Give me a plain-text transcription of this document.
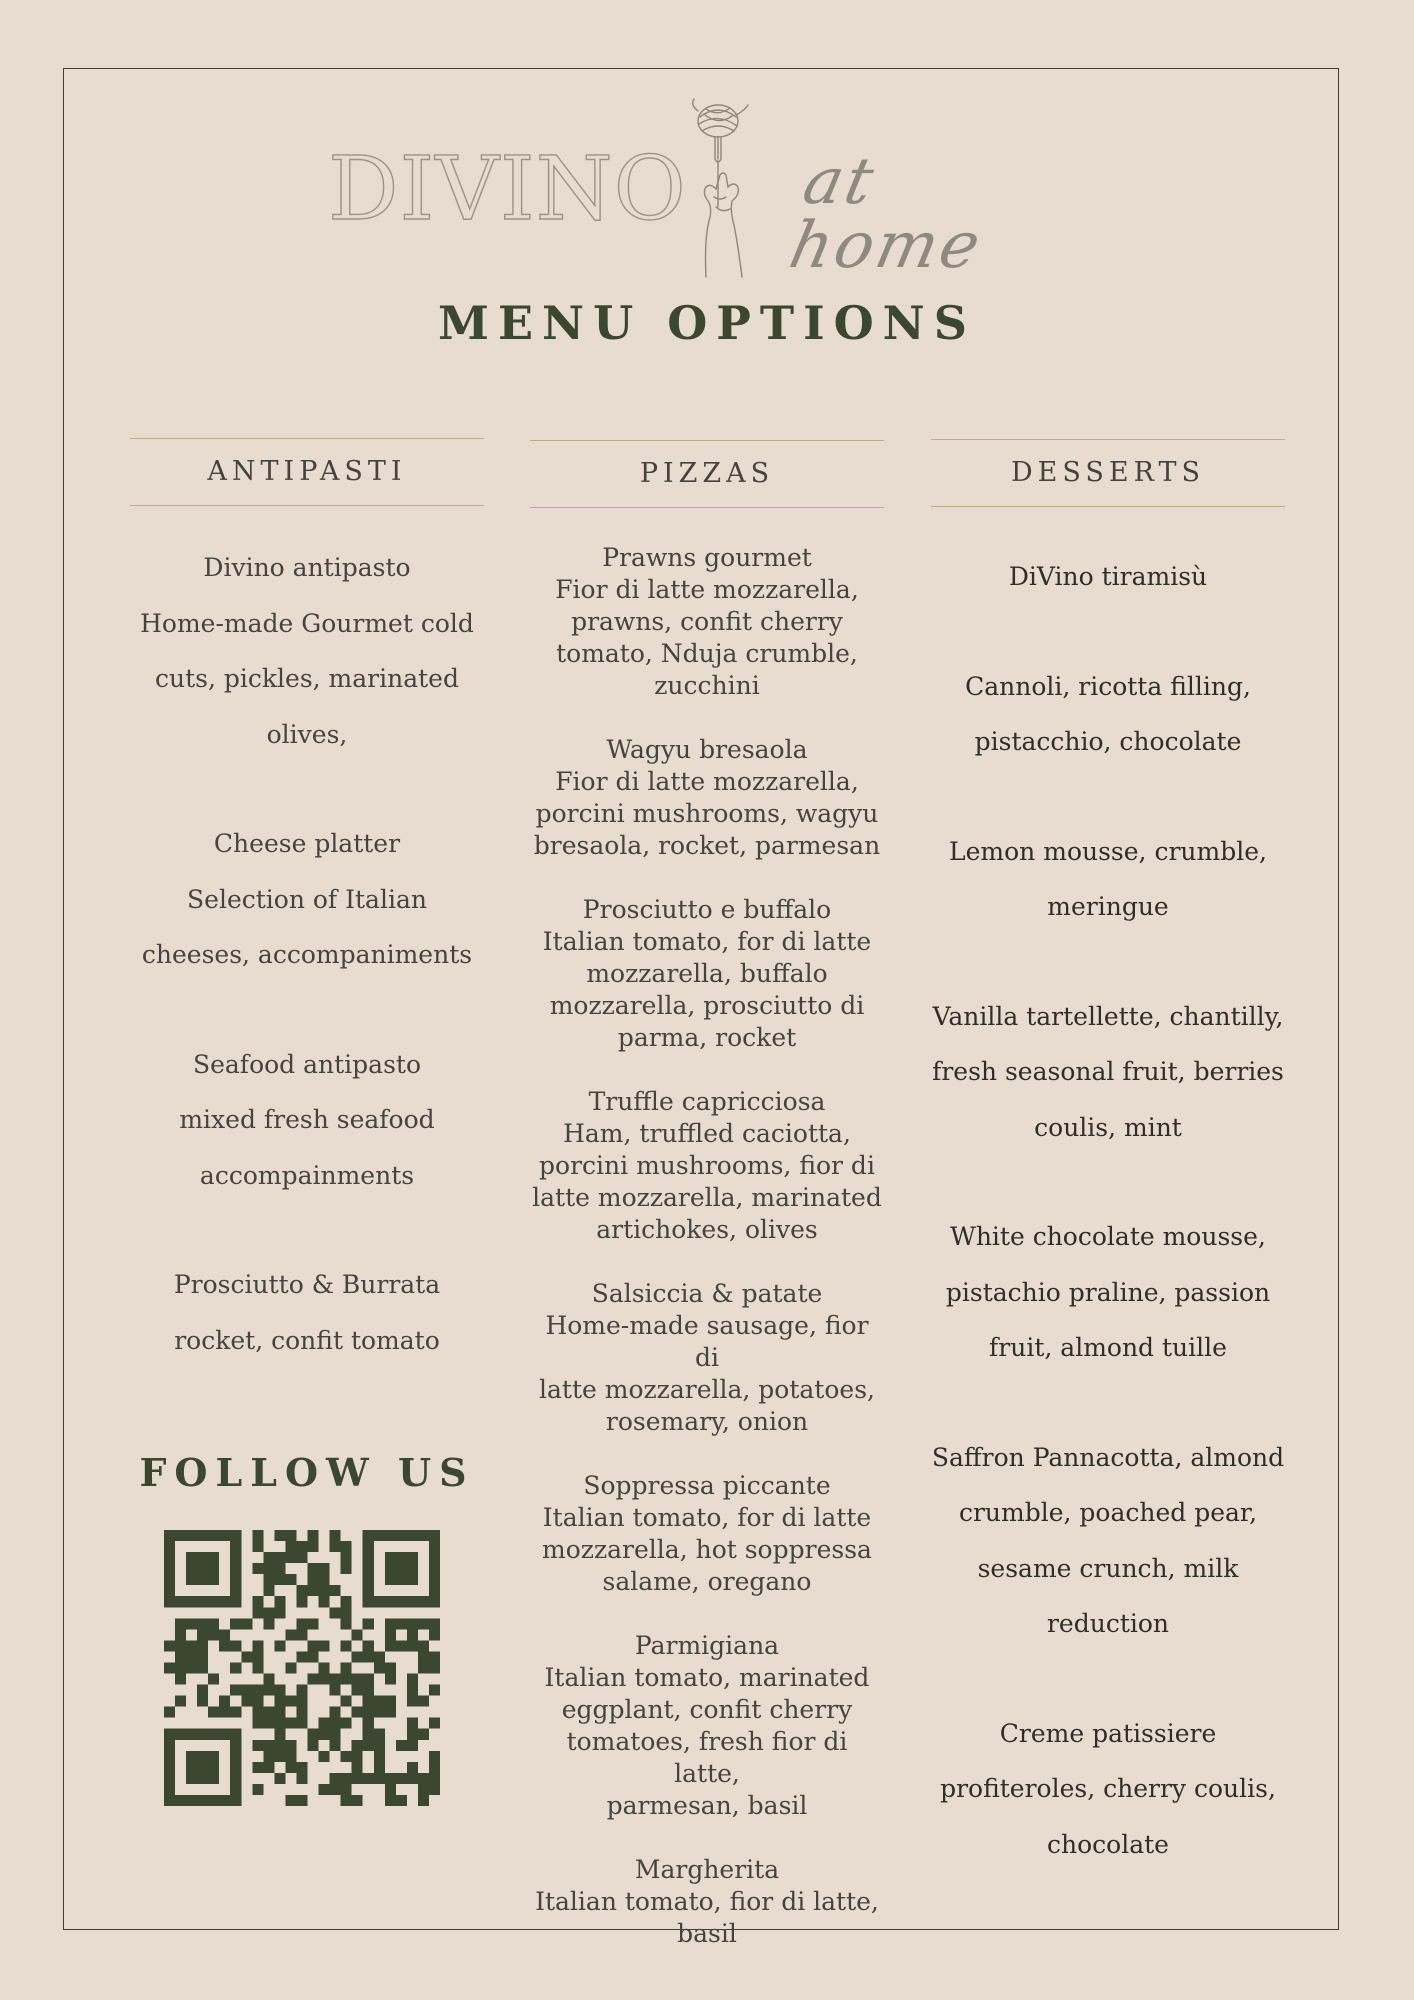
DIVINO at home
MENU OPTIONS
ANTIPASTI
Divino antipasto
Home-made Gourmet cold
cuts, pickles, marinated
olives,
Cheese platter
Selection of Italian
cheeses, accompaniments
Seafood antipasto
mixed fresh seafood
accompainments
Prosciutto & Burrata
rocket, confit tomato
PIZZAS
Prawns gourmet
Fior di latte mozzarella,
prawns, confit cherry
tomato, Nduja crumble,
zucchini
Wagyu bresaola
Fior di latte mozzarella,
porcini mushrooms, wagyu
bresaola, rocket, parmesan
Prosciutto e buffalo
Italian tomato, for di latte
mozzarella, buffalo
mozzarella, prosciutto di
parma, rocket
Truffle capricciosa
Ham, truffled caciotta,
porcini mushrooms, fior di
latte mozzarella, marinated
artichokes, olives
Salsiccia & patate
Home-made sausage, fior di
latte mozzarella, potatoes,
rosemary, onion
Soppressa piccante
Italian tomato, for di latte
mozzarella, hot soppressa
salame, oregano
Parmigiana
Italian tomato, marinated
eggplant, confit cherry
tomatoes, fresh fior di latte,
parmesan, basil
Margherita
Italian tomato, fior di latte,
basil
DESSERTS
DiVino tiramisù
Cannoli, ricotta filling,
pistacchio, chocolate
Lemon mousse, crumble,
meringue
Vanilla tartellette, chantilly,
fresh seasonal fruit, berries
coulis, mint
White chocolate mousse,
pistachio praline, passion
fruit, almond tuille
Saffron Pannacotta, almond
crumble, poached pear,
sesame crunch, milk
reduction
Creme patissiere
profiteroles, cherry coulis,
chocolate
FOLLOW US
